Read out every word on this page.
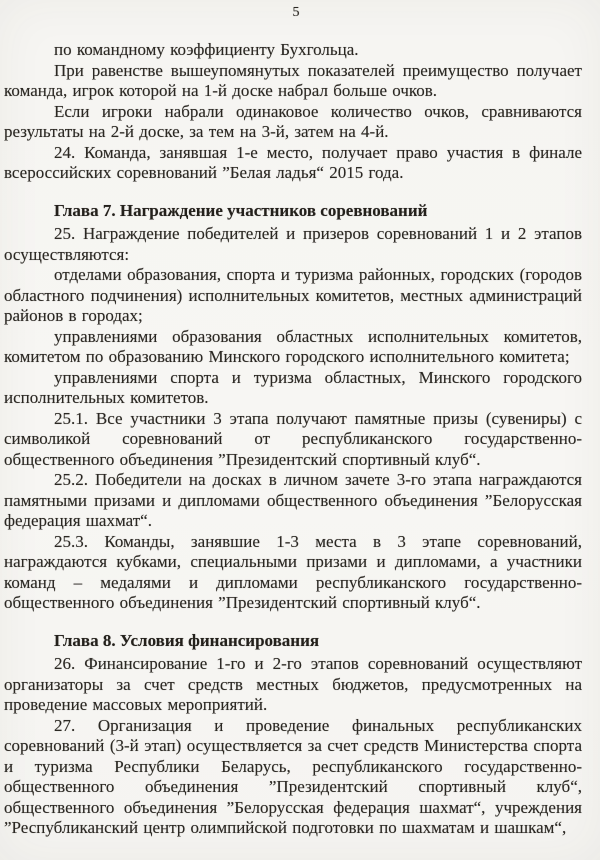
5

по командному коэффициенту Бухгольца.

При равенстве вышеупомянутых показателей преимущество получает команда, игрок которой на 1-й доске набрал больше очков.

Если игроки набрали одинаковое количество очков, сравниваются результаты на 2-й доске, за тем на 3-й, затем на 4-й.

24. Команда, занявшая 1-е место, получает право участия в финале всероссийских соревнований ”Белая ладья“ 2015 года.

Глава 7. Награждение участников соревнований

25. Награждение победителей и призеров соревнований 1 и 2 этапов осуществляются:

отделами образования, спорта и туризма районных, городских (городов областного подчинения) исполнительных комитетов, местных администраций районов в городах;

управлениями образования областных исполнительных комитетов, комитетом по образованию Минского городского исполнительного комитета;

управлениями спорта и туризма областных, Минского городского исполнительных комитетов.

25.1. Все участники 3 этапа получают памятные призы (сувениры) с символикой соревнований от республиканского государственно-общественного объединения ”Президентский спортивный клуб“.

25.2. Победители на досках в личном зачете 3-го этапа награждаются памятными призами и дипломами общественного объединения ”Белорусская федерация шахмат“.

25.3. Команды, занявшие 1-3 места в 3 этапе соревнований, награждаются кубками, специальными призами и дипломами, а участники команд – медалями и дипломами республиканского государственно-общественного объединения ”Президентский спортивный клуб“.

Глава 8. Условия финансирования

26. Финансирование 1-го и 2-го этапов соревнований осуществляют организаторы за счет средств местных бюджетов, предусмотренных на проведение массовых мероприятий.

27. Организация и проведение финальных республиканских соревнований (3-й этап) осуществляется за счет средств Министерства спорта и туризма Республики Беларусь, республиканского государственно-общественного объединения ”Президентский спортивный клуб“, общественного объединения ”Белорусская федерация шахмат“, учреждения ”Республиканский центр олимпийской подготовки по шахматам и шашкам“,
